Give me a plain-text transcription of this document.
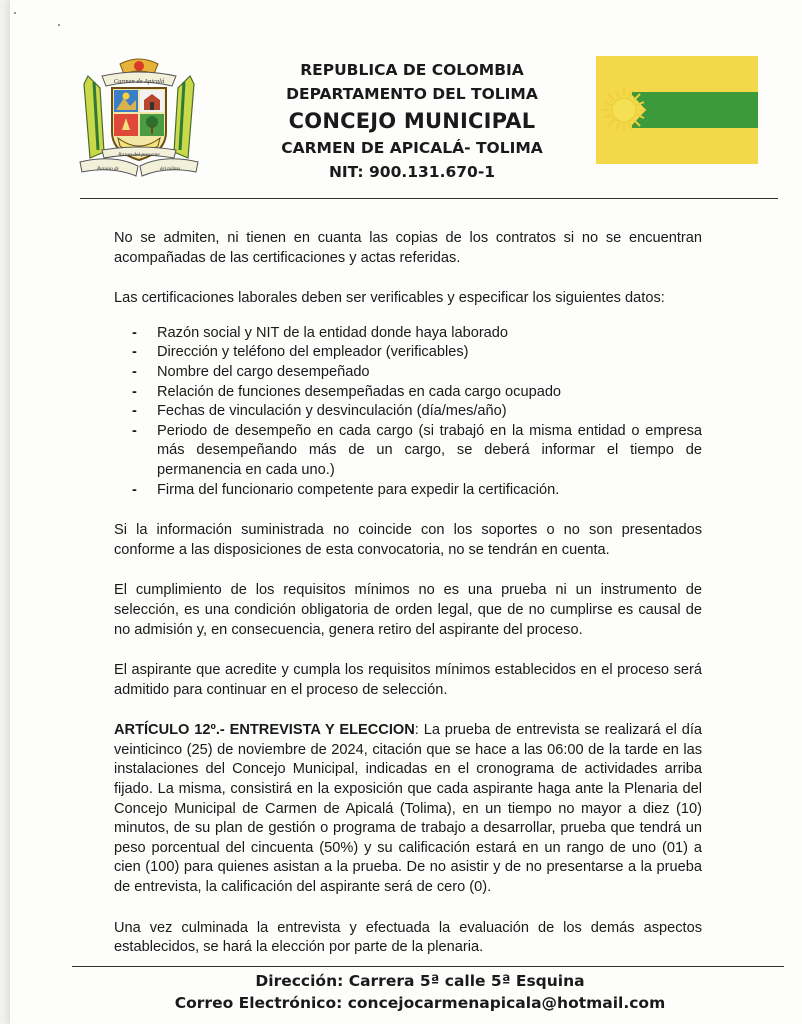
Carmen de Apicalá
Razon del presente
Paraiso de	del tolima
REPUBLICA DE COLOMBIA
DEPARTAMENTO DEL TOLIMA
CONCEJO MUNICIPAL
CARMEN DE APICALÁ- TOLIMA
NIT: 900.131.670-1

No se admiten, ni tienen en cuanta las copias de los contratos si no se encuentran acompañadas de las certificaciones y actas referidas.

Las certificaciones laborales deben ser verificables y especificar los siguientes datos:

- Razón social y NIT de la entidad donde haya laborado
- Dirección y teléfono del empleador (verificables)
- Nombre del cargo desempeñado
- Relación de funciones desempeñadas en cada cargo ocupado
- Fechas de vinculación y desvinculación (día/mes/año)
- Periodo de desempeño en cada cargo (si trabajó en la misma entidad o empresa más desempeñando más de un cargo, se deberá informar el tiempo de permanencia en cada uno.)
- Firma del funcionario competente para expedir la certificación.

Si la información suministrada no coincide con los soportes o no son presentados conforme a las disposiciones de esta convocatoria, no se tendrán en cuenta.

El cumplimiento de los requisitos mínimos no es una prueba ni un instrumento de selección, es una condición obligatoria de orden legal, que de no cumplirse es causal de no admisión y, en consecuencia, genera retiro del aspirante del proceso.

El aspirante que acredite y cumpla los requisitos mínimos establecidos en el proceso será admitido para continuar en el proceso de selección.

ARTÍCULO 12º.- ENTREVISTA Y ELECCION: La prueba de entrevista se realizará el día veinticinco (25) de noviembre de 2024, citación que se hace a las 06:00 de la tarde en las instalaciones del Concejo Municipal, indicadas en el cronograma de actividades arriba fijado. La misma, consistirá en la exposición que cada aspirante haga ante la Plenaria del Concejo Municipal de Carmen de Apicalá (Tolima), en un tiempo no mayor a diez (10) minutos, de su plan de gestión o programa de trabajo a desarrollar, prueba que tendrá un peso porcentual del cincuenta (50%) y su calificación estará en un rango de uno (01) a cien (100) para quienes asistan a la prueba. De no asistir y de no presentarse a la prueba de entrevista, la calificación del aspirante será de cero (0).

Una vez culminada la entrevista y efectuada la evaluación de los demás aspectos establecidos, se hará la elección por parte de la plenaria.

Dirección: Carrera 5ª calle 5ª Esquina
Correo Electrónico: concejocarmenapicala@hotmail.com
